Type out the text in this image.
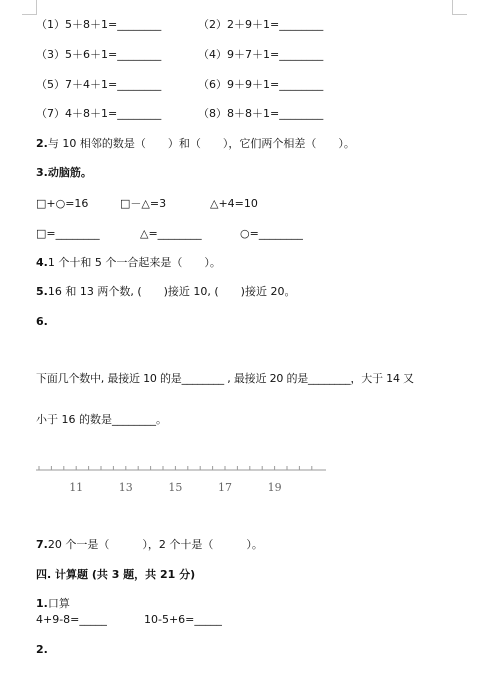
（1）5＋8＋1=________	（2）2＋9＋1=________
（3）5＋6＋1=________	（4）9＋7＋1=________
（5）7＋4＋1=________	（6）9＋9＋1=________
（7）4＋8＋1=________	（8）8＋8＋1=________
2.与 10 相邻的数是（　　）和（　　），它们两个相差（　　）。
3.动脑筋。
□+○=16	□－△=3	△+4=10
□=________	△=________	○=________
4.1 个十和 5 个一合起来是（　　）。
5.16 和 13 两个数, (　　)接近 10, (　　)接近 20。
6.
下面几个数中, 最接近 10 的是________ , 最接近 20 的是________，大于 14 又
小于 16 的数是________。
11	13	15	17	19
7.20 个一是（　　　），2 个十是（　　　）。
四. 计算题 (共 3 题，共 21 分)
1.口算
4+9-8=_____	10-5+6=_____
2.
